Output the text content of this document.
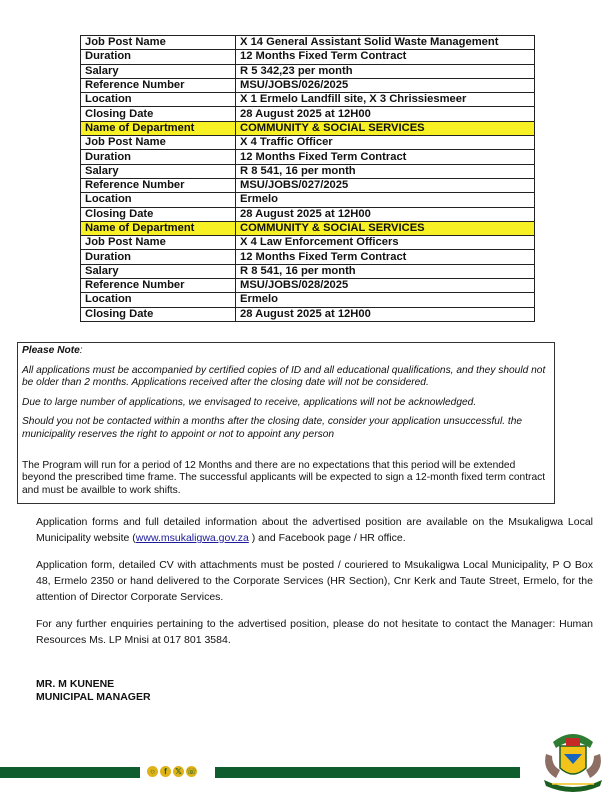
Job Post Name	X 14 General Assistant Solid Waste Management
Duration	12 Months Fixed Term Contract
Salary	R 5 342,23 per month
Reference Number	MSU/JOBS/026/2025
Location	X 1 Ermelo Landfill site, X 3 Chrissiesmeer
Closing Date	28 August 2025 at 12H00
Name of Department	COMMUNITY & SOCIAL SERVICES
Job Post Name	X 4 Traffic Officer
Duration	12 Months Fixed Term Contract
Salary	R 8 541, 16 per month
Reference Number	MSU/JOBS/027/2025
Location	Ermelo
Closing Date	28 August 2025 at 12H00
Name of Department	COMMUNITY & SOCIAL SERVICES
Job Post Name	X 4 Law Enforcement Officers
Duration	12 Months Fixed Term Contract
Salary	R 8 541, 16 per month
Reference Number	MSU/JOBS/028/2025
Location	Ermelo
Closing Date	28 August 2025 at 12H00

Please Note:

All applications must be accompanied by certified copies of ID and all educational qualifications, and they should not be older than 2 months. Applications received after the closing date will not be considered.

Due to large number of applications, we envisaged to receive, applications will not be acknowledged.

Should you not be contacted within a months after the closing date, consider your application unsuccessful. the municipality reserves the right to appoint or not to appoint any person

The Program will run for a period of 12 Months and there are no expectations that this period will be extended beyond the prescribed time frame. The successful applicants will be expected to sign a 12-month fixed term contract and must be availble to work shifts.

Application forms and full detailed information about the advertised position are available on the Msukaligwa Local Municipality website (www.msukaligwa.gov.za ) and Facebook page / HR office.

Application form, detailed CV with attachments must be posted / couriered to Msukaligwa Local Municipality, P O Box 48, Ermelo 2350 or hand delivered to the Corporate Services (HR Section), Cnr Kerk and Taute Street, Ermelo, for the attention of Director Corporate Services.

For any further enquiries pertaining to the advertised position, please do not hesitate to contact the Manager: Human Resources Ms. LP Mnisi at 017 801 3584.

MR. M KUNENE
MUNICIPAL MANAGER
○	f	𝕏 ☏
